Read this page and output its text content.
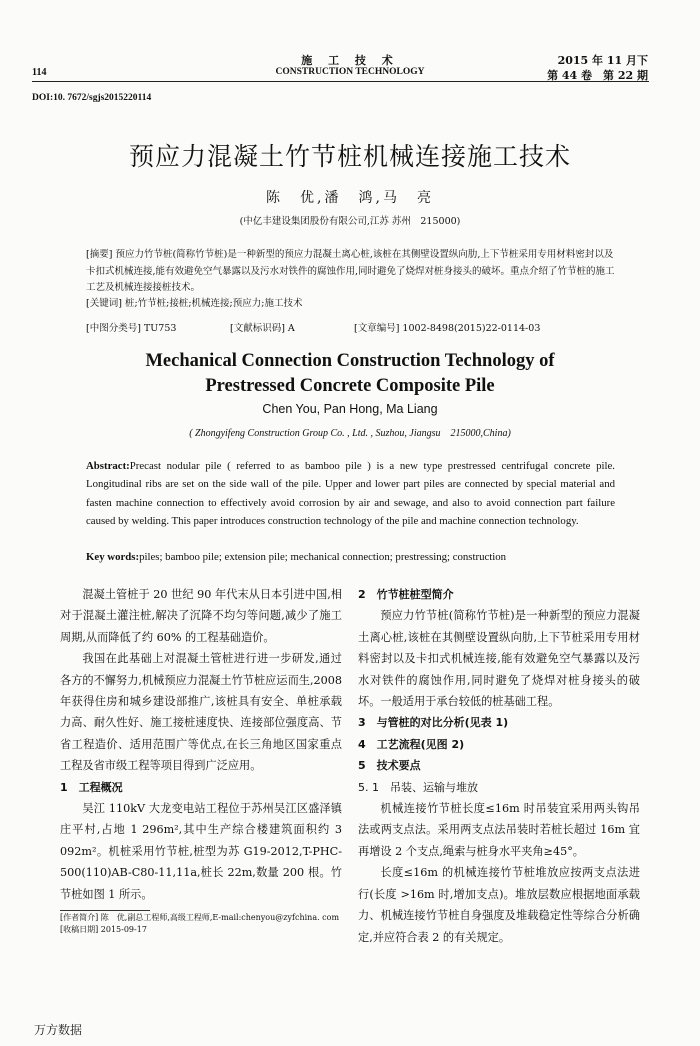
114
施 工 技 术
CONSTRUCTION TECHNOLOGY
2015 年 11 月下
第 44 卷　第 22 期
DOI:10. 7672/sgjs2015220114
预应力混凝土竹节桩机械连接施工技术
陈　优,潘　鸿,马　亮
(中亿丰建设集团股份有限公司,江苏 苏州　215000)
[摘要] 预应力竹节桩(简称竹节桩)是一种新型的预应力混凝土离心桩,该桩在其侧壁设置纵向肋,上下节桩采用专用材料密封以及卡扣式机械连接,能有效避免空气暴露以及污水对铁件的腐蚀作用,同时避免了烧焊对桩身接头的破坏。重点介绍了竹节桩的施工工艺及机械连接接桩技术。
[关键词] 桩;竹节桩;接桩;机械连接;预应力;施工技术
[中图分类号] TU753	[文献标识码] A	[文章编号] 1002-8498(2015)22-0114-03
Mechanical Connection Construction Technology of
Prestressed Concrete Composite Pile
Chen You, Pan Hong, Ma Liang
( Zhongyifeng Construction Group Co. , Ltd. , Suzhou, Jiangsu　215000,China)
Abstract:Precast nodular pile ( referred to as bamboo pile ) is a new type prestressed centrifugal concrete pile. Longitudinal ribs are set on the side wall of the pile. Upper and lower part piles are connected by special material and fasten machine connection to effectively avoid corrosion by air and sewage, and also to avoid connection part failure caused by welding. This paper introduces construction technology of the pile and machine connection technology.
Key words:piles; bamboo pile; extension pile; mechanical connection; prestressing; construction

混凝土管桩于 20 世纪 90 年代末从日本引进中国,相对于混凝土灌注桩,解决了沉降不均匀等问题,减少了施工周期,从而降低了约 60% 的工程基础造价。

我国在此基础上对混凝土管桩进行进一步研发,通过各方的不懈努力,机械预应力混凝土竹节桩应运而生,2008 年获得住房和城乡建设部推广,该桩具有安全、单桩承载力高、耐久性好、施工接桩速度快、连接部位强度高、节省工程造价、适用范围广等优点,在长三角地区国家重点工程及省市级工程等项目得到广泛应用。

1　工程概况

吴江 110kV 大龙变电站工程位于苏州吴江区盛泽镇庄平村,占地 1 296m²,其中生产综合楼建筑面积约 3 092m²。机桩采用竹节桩,桩型为苏 G19-2012,T-PHC-500(110)AB-C80-11,11a,桩长 22m,数量 200 根。竹节桩如图 1 所示。

[作者简介] 陈　优,副总工程师,高级工程师,E-mail:chenyou@zyfchina. com
[收稿日期] 2015-09-17
2　竹节桩桩型简介

预应力竹节桩(简称竹节桩)是一种新型的预应力混凝土离心桩,该桩在其侧壁设置纵向肋,上下节桩采用专用材料密封以及卡扣式机械连接,能有效避免空气暴露以及污水对铁件的腐蚀作用,同时避免了烧焊对桩身接头的破坏。一般适用于承台较低的桩基础工程。

3　与管桩的对比分析(见表 1)
4　工艺流程(见图 2)
5　技术要点
5. 1　吊装、运输与堆放

机械连接竹节桩长度≤16m 时吊装宜采用两头钩吊法或两支点法。采用两支点法吊装时若桩长超过 16m 宜再增设 2 个支点,绳索与桩身水平夹角≥45°。

长度≤16m 的机械连接竹节桩堆放应按两支点法进行(长度 >16m 时,增加支点)。堆放层数应根据地面承载力、机械连接竹节桩自身强度及堆载稳定性等综合分析确定,并应符合表 2 的有关规定。

万方数据
